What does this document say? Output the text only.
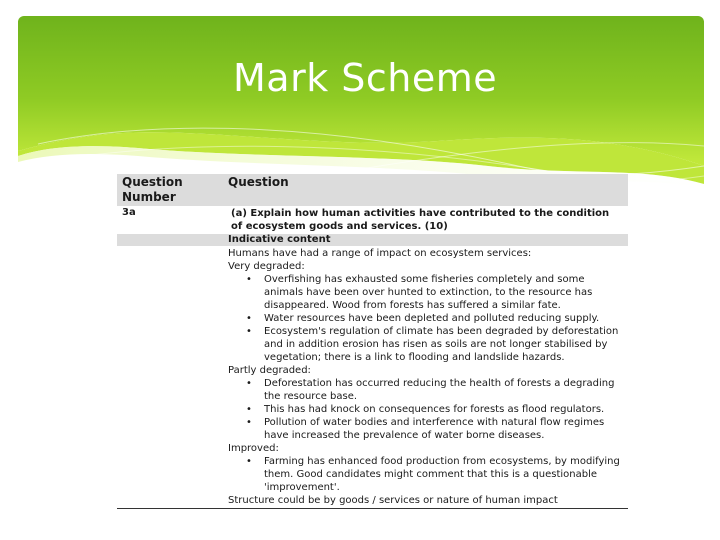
Mark Scheme
Question Number
Question
3a	(a) Explain how human activities have contributed to the condition of ecosystem goods and services. (10)
Indicative content

Humans have had a range of impact on ecosystem services:

Very degraded:

• Overfishing has exhausted some fisheries completely and some animals have been over hunted to extinction, to the resource has disappeared. Wood from forests has suffered a similar fate.
• Water resources have been depleted and polluted reducing supply.
• Ecosystem's regulation of climate has been degraded by deforestation and in addition erosion has risen as soils are not longer stabilised by vegetation; there is a link to flooding and landslide hazards.

Partly degraded:

• Deforestation has occurred reducing the health of forests a degrading the resource base.
• This has had knock on consequences for forests as flood regulators.
• Pollution of water bodies and interference with natural flow regimes have increased the prevalence of water borne diseases.

Improved:

• Farming has enhanced food production from ecosystems, by modifying them. Good candidates might comment that this is a questionable 'improvement'.

Structure could be by goods / services or nature of human impact
